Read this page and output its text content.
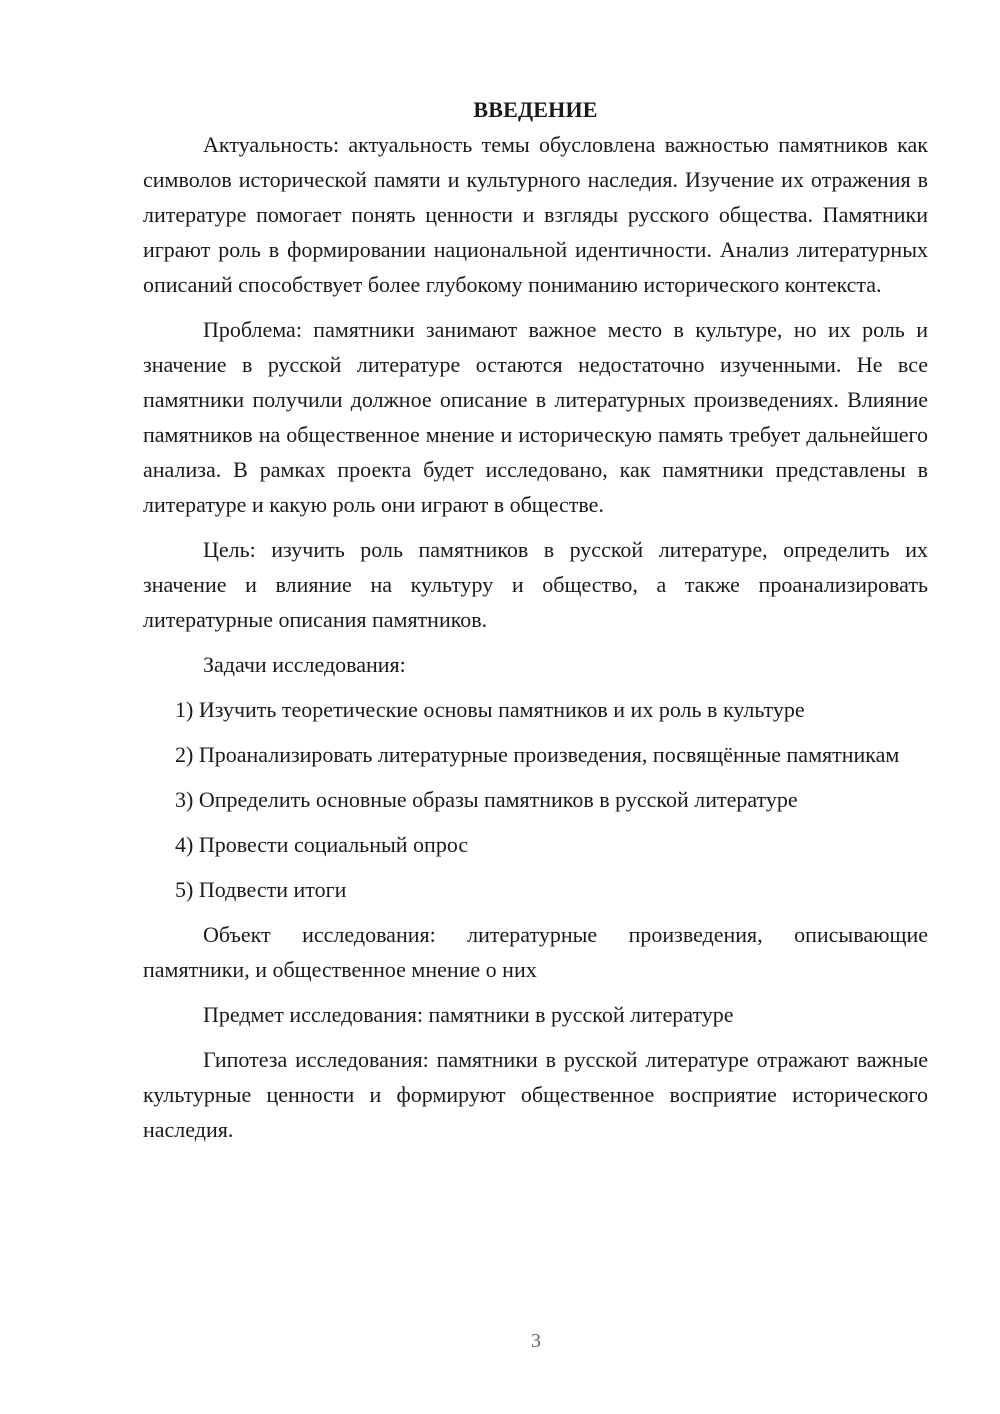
ВВЕДЕНИЕ

Актуальность: актуальность темы обусловлена важностью памятников как символов исторической памяти и культурного наследия. Изучение их отражения в литературе помогает понять ценности и взгляды русского общества. Памятники играют роль в формировании национальной идентичности. Анализ литературных описаний способствует более глубокому пониманию исторического контекста.

Проблема: памятники занимают важное место в культуре, но их роль и значение в русской литературе остаются недостаточно изученными. Не все памятники получили должное описание в литературных произведениях. Влияние памятников на общественное мнение и историческую память требует дальнейшего анализа. В рамках проекта будет исследовано, как памятники представлены в литературе и какую роль они играют в обществе.

Цель: изучить роль памятников в русской литературе, определить их значение и влияние на культуру и общество, а также проанализировать литературные описания памятников.

Задачи исследования:

1) Изучить теоретические основы памятников и их роль в культуре

2) Проанализировать литературные произведения, посвящённые памятникам

3) Определить основные образы памятников в русской литературе

4) Провести социальный опрос

5) Подвести итоги

Объект исследования: литературные произведения, описывающие памятники, и общественное мнение о них

Предмет исследования: памятники в русской литературе

Гипотеза исследования: памятники в русской литературе отражают важные культурные ценности и формируют общественное восприятие исторического наследия.

3
